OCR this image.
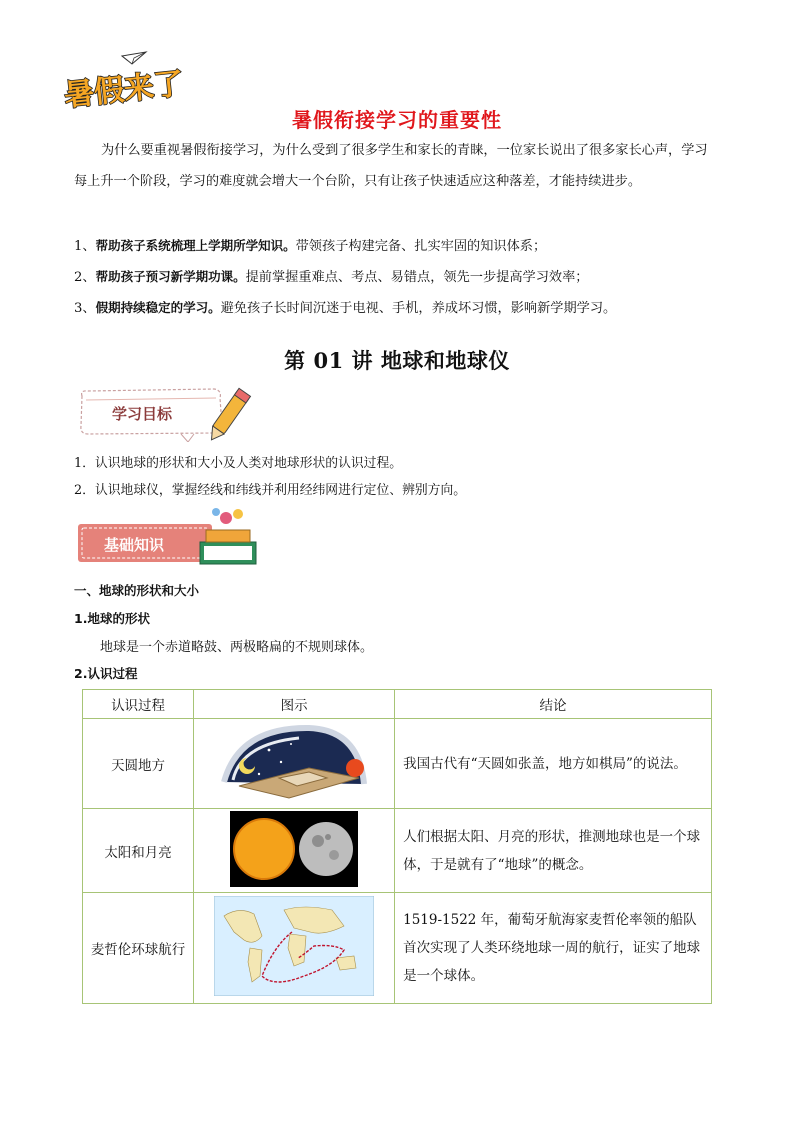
暑假来了
暑假衔接学习的重要性
为什么要重视暑假衔接学习，为什么受到了很多学生和家长的青睐，一位家长说出了很多家长心声，学习每上升一个阶段，学习的难度就会增大一个台阶，只有让孩子快速适应这种落差，才能持续进步。
1、帮助孩子系统梳理上学期所学知识。带领孩子构建完备、扎实牢固的知识体系；
2、帮助孩子预习新学期功课。提前掌握重难点、考点、易错点，领先一步提高学习效率；
3、假期持续稳定的学习。避免孩子长时间沉迷于电视、手机，养成坏习惯，影响新学期学习。
第 01 讲 地球和地球仪
学习目标
1．认识地球的形状和大小及人类对地球形状的认识过程。
2．认识地球仪，掌握经线和纬线并利用经纬网进行定位、辨别方向。
基础知识
一、地球的形状和大小
1.地球的形状
地球是一个赤道略鼓、两极略扁的不规则球体。
2.认识过程
认识过程	图示	结论
天圆地方		我国古代有“天圆如张盖，地方如棋局”的说法。
太阳和月亮		人们根据太阳、月亮的形状，推测地球也是一个球体，于是就有了“地球”的概念。
麦哲伦环球航行		1519-1522 年，葡萄牙航海家麦哲伦率领的船队首次实现了人类环绕地球一周的航行，证实了地球是一个球体。
